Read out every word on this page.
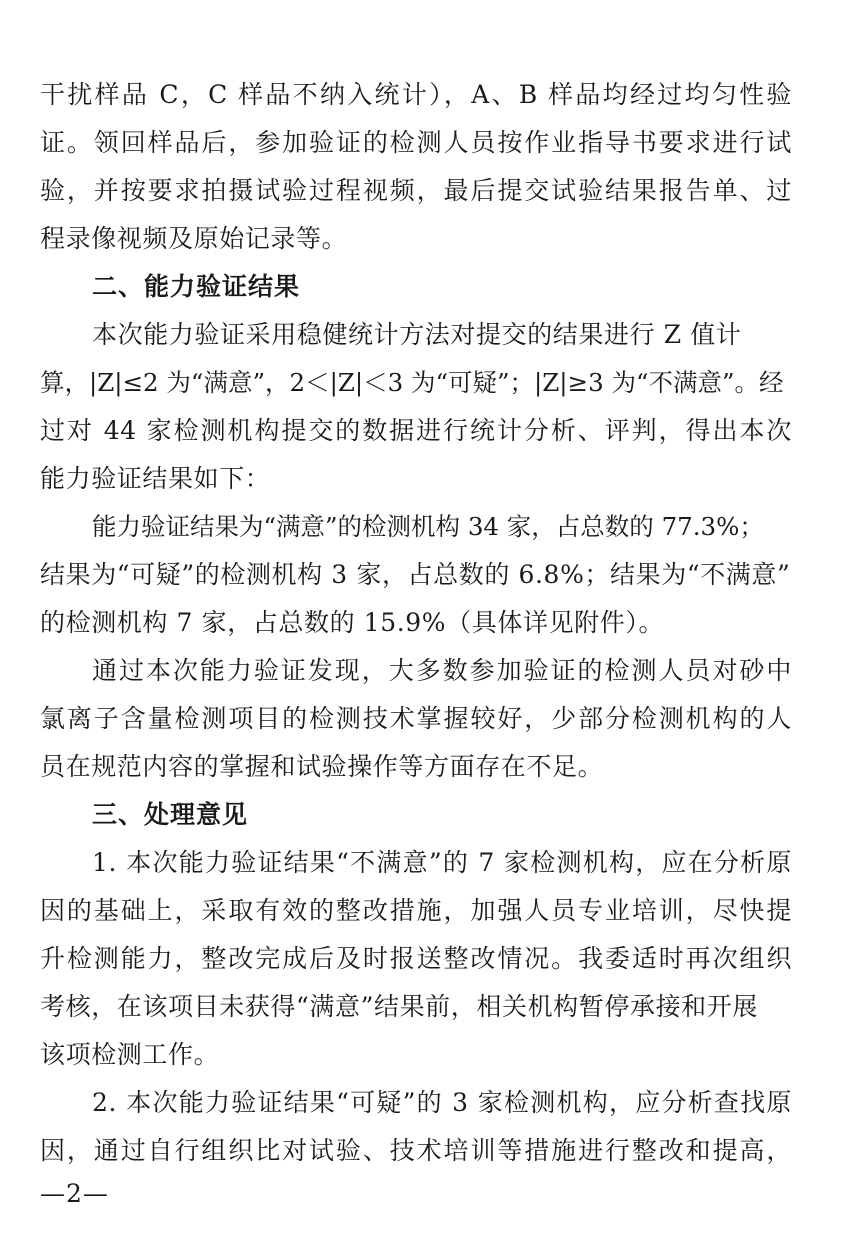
干扰样品 C，C 样品不纳入统计），A、B 样品均经过均匀性验
证。领回样品后，参加验证的检测人员按作业指导书要求进行试
验，并按要求拍摄试验过程视频，最后提交试验结果报告单、过
程录像视频及原始记录等。
二、能力验证结果
本次能力验证采用稳健统计方法对提交的结果进行 Z 值计
算，|Z|≤2 为“满意”，2＜|Z|＜3 为“可疑”；|Z|≥3 为“不满意”。经
过对 44 家检测机构提交的数据进行统计分析、评判，得出本次
能力验证结果如下：
能力验证结果为“满意”的检测机构 34 家，占总数的 77.3%；
结果为“可疑”的检测机构 3 家，占总数的 6.8%；结果为“不满意”
的检测机构 7 家，占总数的 15.9%（具体详见附件）。
通过本次能力验证发现，大多数参加验证的检测人员对砂中
氯离子含量检测项目的检测技术掌握较好，少部分检测机构的人
员在规范内容的掌握和试验操作等方面存在不足。
三、处理意见
1. 本次能力验证结果“不满意”的 7 家检测机构，应在分析原
因的基础上，采取有效的整改措施，加强人员专业培训，尽快提
升检测能力，整改完成后及时报送整改情况。我委适时再次组织
考核，在该项目未获得“满意”结果前，相关机构暂停承接和开展
该项检测工作。
2. 本次能力验证结果“可疑”的 3 家检测机构，应分析查找原
因，通过自行组织比对试验、技术培训等措施进行整改和提高，
—2—
